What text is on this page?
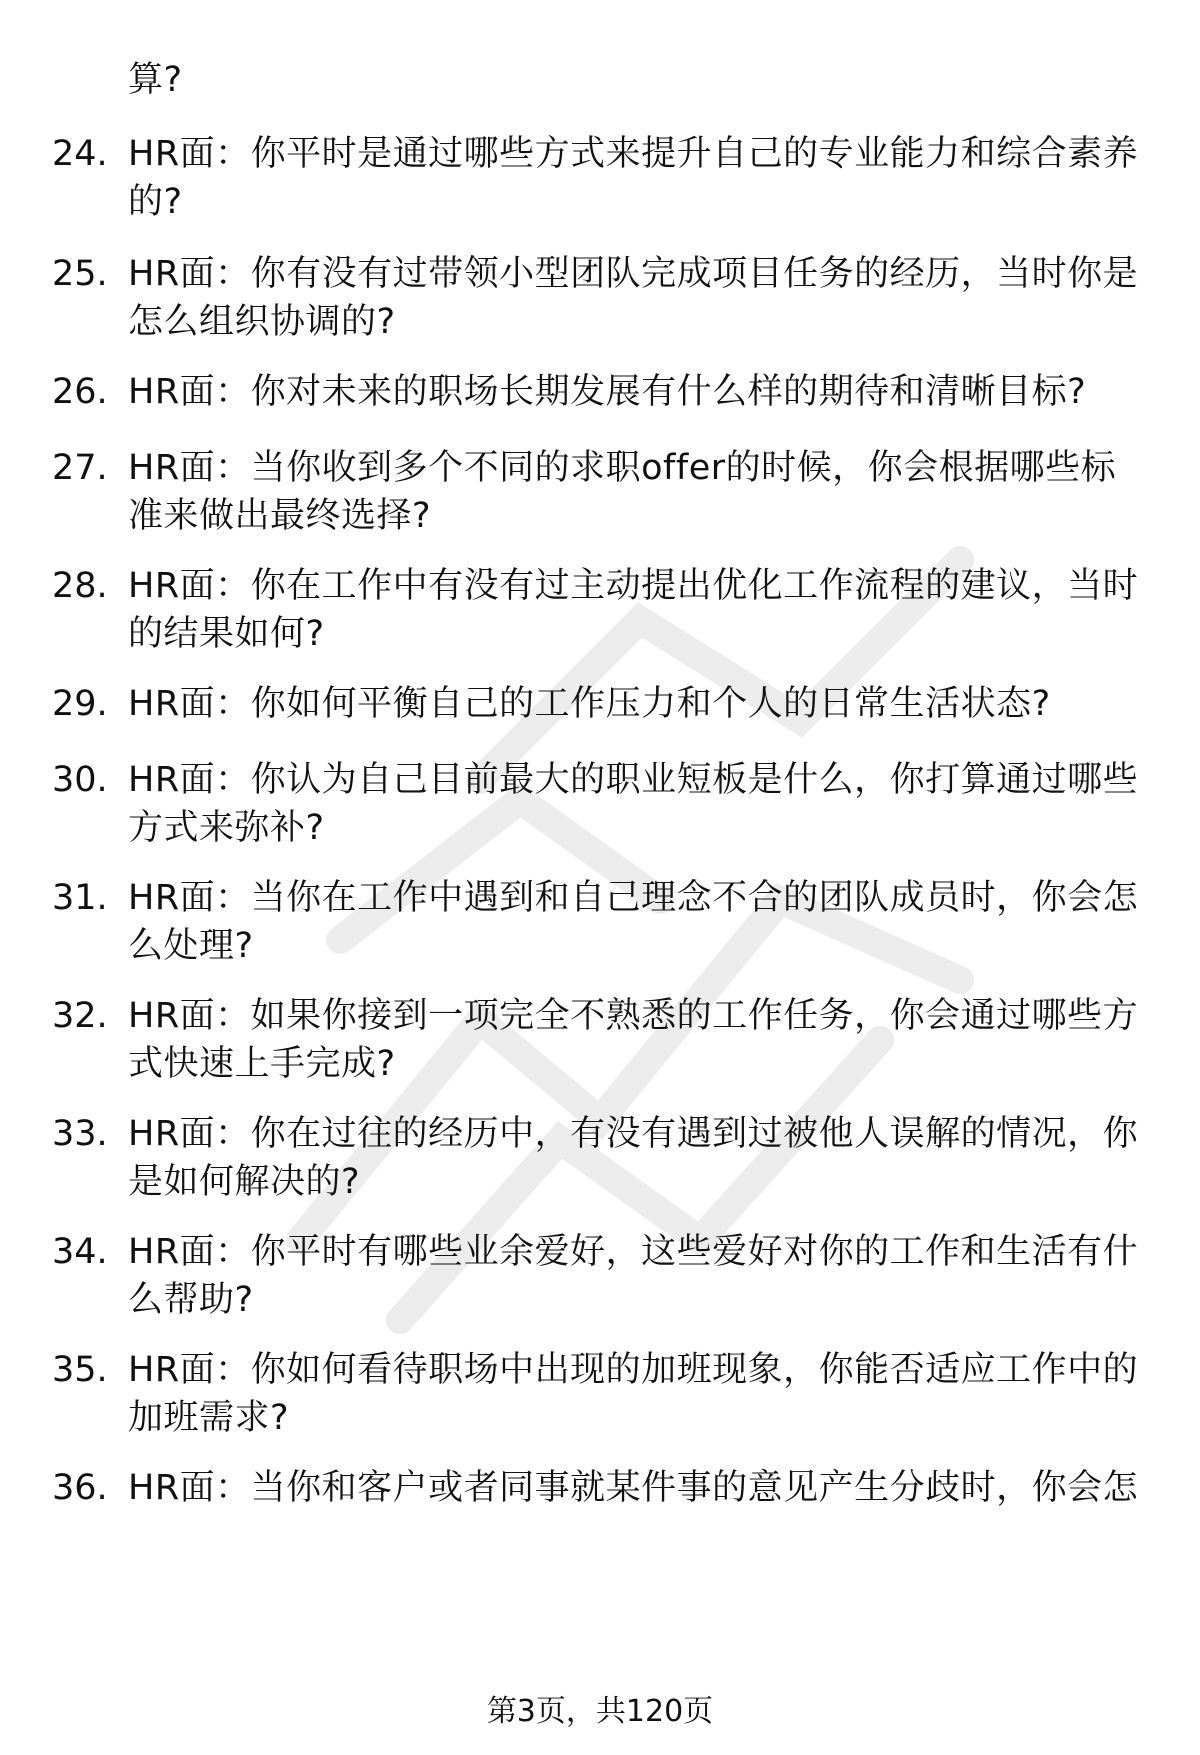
算?
24. HR面：你平时是通过哪些方式来提升自己的专业能力和综合素养
的?
25. HR面：你有没有过带领小型团队完成项目任务的经历，当时你是
怎么组织协调的?
26. HR面：你对未来的职场长期发展有什么样的期待和清晰目标?
27. HR面：当你收到多个不同的求职offer的时候，你会根据哪些标
准来做出最终选择?
28. HR面：你在工作中有没有过主动提出优化工作流程的建议，当时
的结果如何?
29. HR面：你如何平衡自己的工作压力和个人的日常生活状态?
30. HR面：你认为自己目前最大的职业短板是什么，你打算通过哪些
方式来弥补?
31. HR面：当你在工作中遇到和自己理念不合的团队成员时，你会怎
么处理?
32. HR面：如果你接到一项完全不熟悉的工作任务，你会通过哪些方
式快速上手完成?
33. HR面：你在过往的经历中，有没有遇到过被他人误解的情况，你
是如何解决的?
34. HR面：你平时有哪些业余爱好，这些爱好对你的工作和生活有什
么帮助?
35. HR面：你如何看待职场中出现的加班现象，你能否适应工作中的
加班需求?
36. HR面：当你和客户或者同事就某件事的意见产生分歧时，你会怎
第3页，共120页
